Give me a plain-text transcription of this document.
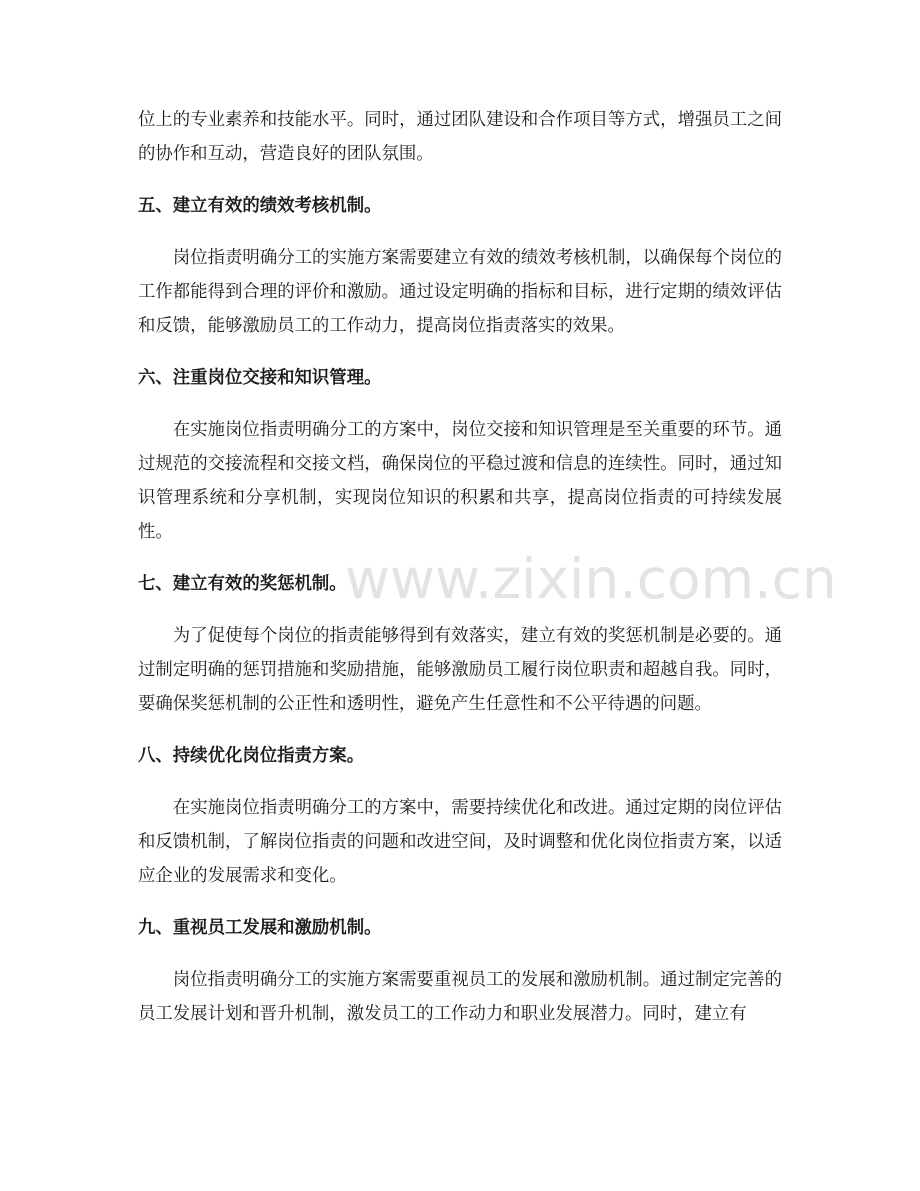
位上的专业素养和技能水平。同时，通过团队建设和合作项目等方式，增强员工之间的协作和互动，营造良好的团队氛围。

五、建立有效的绩效考核机制。

岗位指责明确分工的实施方案需要建立有效的绩效考核机制，以确保每个岗位的工作都能得到合理的评价和激励。通过设定明确的指标和目标，进行定期的绩效评估和反馈，能够激励员工的工作动力，提高岗位指责落实的效果。

六、注重岗位交接和知识管理。

在实施岗位指责明确分工的方案中，岗位交接和知识管理是至关重要的环节。通过规范的交接流程和交接文档，确保岗位的平稳过渡和信息的连续性。同时，通过知识管理系统和分享机制，实现岗位知识的积累和共享，提高岗位指责的可持续发展性。

七、建立有效的奖惩机制。

为了促使每个岗位的指责能够得到有效落实，建立有效的奖惩机制是必要的。通过制定明确的惩罚措施和奖励措施，能够激励员工履行岗位职责和超越自我。同时，要确保奖惩机制的公正性和透明性，避免产生任意性和不公平待遇的问题。

八、持续优化岗位指责方案。

在实施岗位指责明确分工的方案中，需要持续优化和改进。通过定期的岗位评估和反馈机制，了解岗位指责的问题和改进空间，及时调整和优化岗位指责方案，以适应企业的发展需求和变化。

九、重视员工发展和激励机制。

岗位指责明确分工的实施方案需要重视员工的发展和激励机制。通过制定完善的员工发展计划和晋升机制，激发员工的工作动力和职业发展潜力。同时，建立有

www.zixin.com.cn
